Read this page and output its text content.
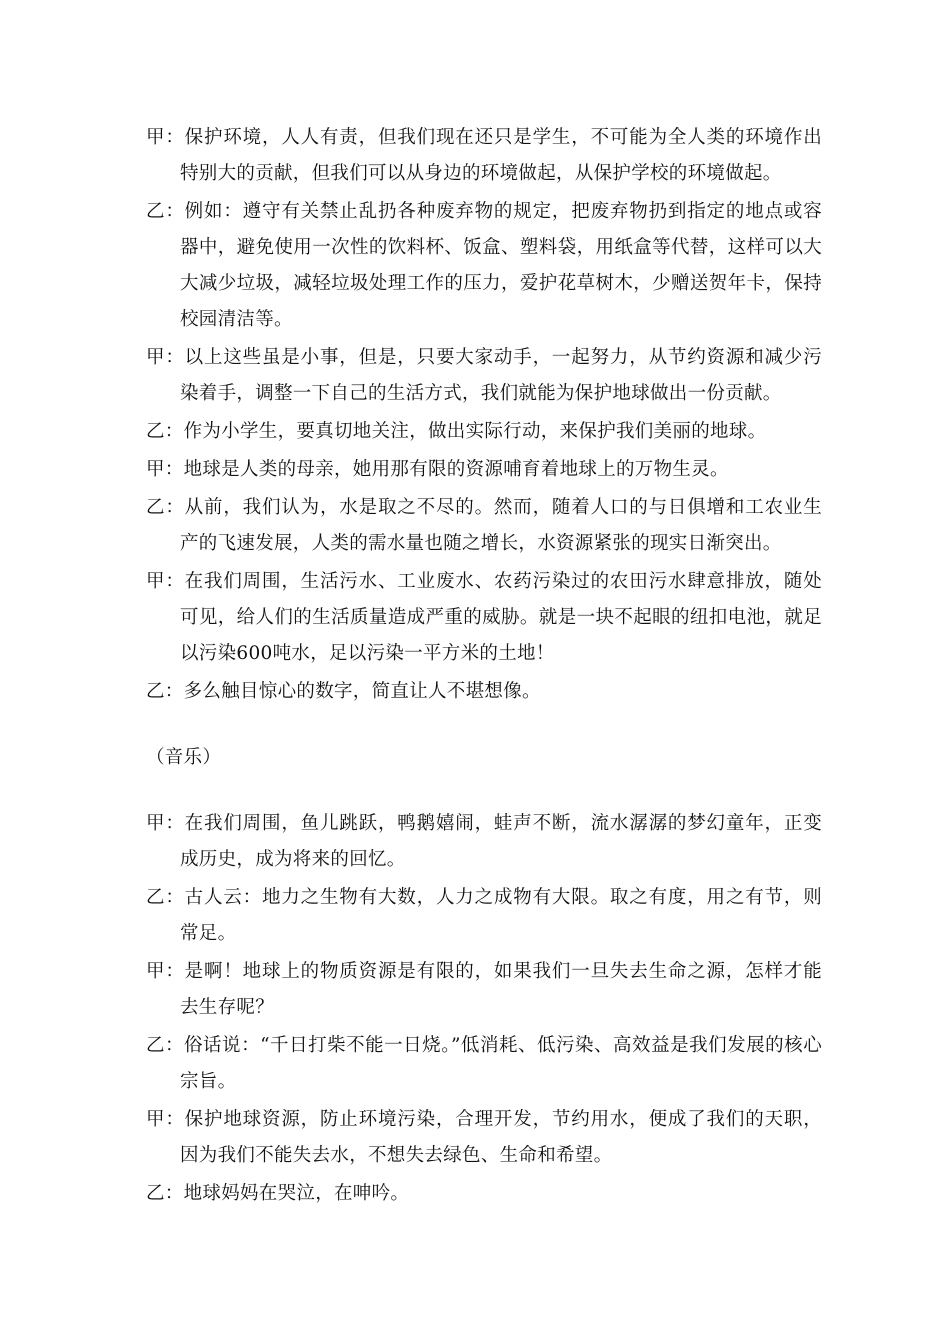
甲：保护环境，人人有责，但我们现在还只是学生，不可能为全人类的环境作出特别大的贡献，但我们可以从身边的环境做起，从保护学校的环境做起。

乙：例如：遵守有关禁止乱扔各种废弃物的规定，把废弃物扔到指定的地点或容器中，避免使用一次性的饮料杯、饭盒、塑料袋，用纸盒等代替，这样可以大大减少垃圾，减轻垃圾处理工作的压力，爱护花草树木，少赠送贺年卡，保持校园清洁等。

甲：以上这些虽是小事，但是，只要大家动手，一起努力，从节约资源和减少污染着手，调整一下自己的生活方式，我们就能为保护地球做出一份贡献。

乙：作为小学生，要真切地关注，做出实际行动，来保护我们美丽的地球。

甲：地球是人类的母亲，她用那有限的资源哺育着地球上的万物生灵。

乙：从前，我们认为，水是取之不尽的。然而，随着人口的与日俱增和工农业生产的飞速发展，人类的需水量也随之增长，水资源紧张的现实日渐突出。

甲：在我们周围，生活污水、工业废水、农药污染过的农田污水肆意排放，随处可见，给人们的生活质量造成严重的威胁。就是一块不起眼的纽扣电池，就足以污染600吨水，足以污染一平方米的土地！

乙：多么触目惊心的数字，简直让人不堪想像。

（音乐）

甲：在我们周围，鱼儿跳跃，鸭鹅嬉闹，蛙声不断，流水潺潺的梦幻童年，正变成历史，成为将来的回忆。

乙：古人云：地力之生物有大数，人力之成物有大限。取之有度，用之有节，则常足。

甲：是啊！地球上的物质资源是有限的，如果我们一旦失去生命之源，怎样才能去生存呢？

乙：俗话说：“千日打柴不能一日烧。”低消耗、低污染、高效益是我们发展的核心宗旨。

甲：保护地球资源，防止环境污染，合理开发，节约用水，便成了我们的天职，因为我们不能失去水，不想失去绿色、生命和希望。

乙：地球妈妈在哭泣，在呻吟。
